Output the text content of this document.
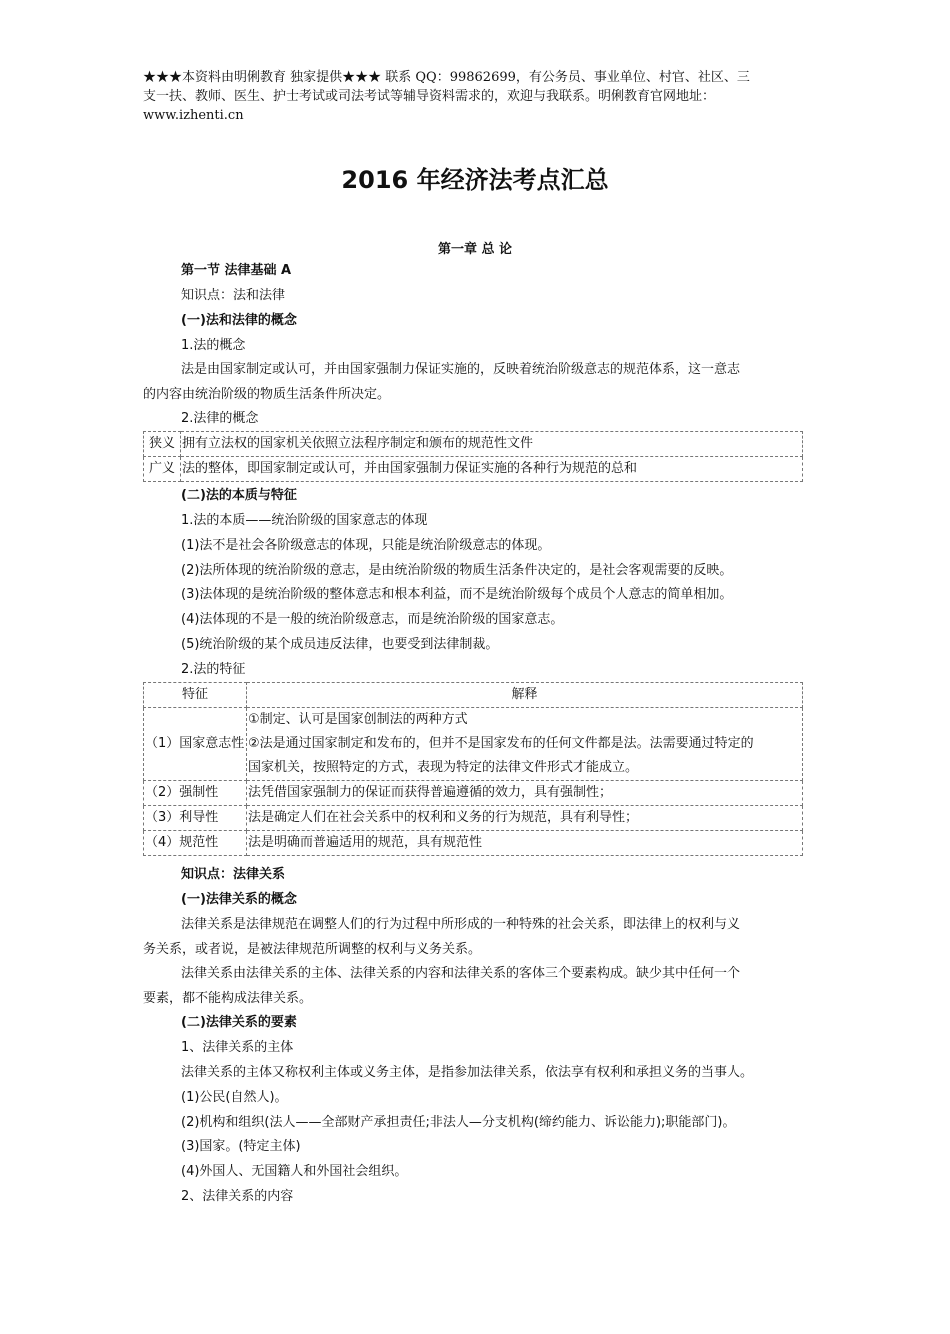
★★★本资料由明俐教育 独家提供★★★ 联系 QQ：99862699，有公务员、事业单位、村官、社区、三
支一扶、教师、医生、护士考试或司法考试等辅导资料需求的，欢迎与我联系。明俐教育官网地址：
www.izhenti.cn
2016 年经济法考点汇总
第一章 总 论
第一节 法律基础 A
知识点：法和法律
(一)法和法律的概念
1.法的概念
法是由国家制定或认可，并由国家强制力保证实施的，反映着统治阶级意志的规范体系，这一意志
的内容由统治阶级的物质生活条件所决定。
2.法律的概念
狭义	拥有立法权的国家机关依照立法程序制定和颁布的规范性文件
广义	法的整体，即国家制定或认可，并由国家强制力保证实施的各种行为规范的总和
(二)法的本质与特征
1.法的本质——统治阶级的国家意志的体现
(1)法不是社会各阶级意志的体现，只能是统治阶级意志的体现。
(2)法所体现的统治阶级的意志，是由统治阶级的物质生活条件决定的，是社会客观需要的反映。
(3)法体现的是统治阶级的整体意志和根本利益，而不是统治阶级每个成员个人意志的简单相加。
(4)法体现的不是一般的统治阶级意志，而是统治阶级的国家意志。
(5)统治阶级的某个成员违反法律，也要受到法律制裁。
2.法的特征
特征	解释
（1）国家意志性	①制定、认可是国家创制法的两种方式
②法是通过国家制定和发布的，但并不是国家发布的任何文件都是法。法需要通过特定的
国家机关，按照特定的方式，表现为特定的法律文件形式才能成立。

（2）强制性	法凭借国家强制力的保证而获得普遍遵循的效力，具有强制性；
（3）利导性	法是确定人们在社会关系中的权利和义务的行为规范，具有利导性；
（4）规范性	法是明确而普遍适用的规范，具有规范性
知识点：法律关系
(一)法律关系的概念
法律关系是法律规范在调整人们的行为过程中所形成的一种特殊的社会关系，即法律上的权利与义
务关系，或者说，是被法律规范所调整的权利与义务关系。
法律关系由法律关系的主体、法律关系的内容和法律关系的客体三个要素构成。缺少其中任何一个
要素，都不能构成法律关系。
(二)法律关系的要素
1、法律关系的主体
法律关系的主体又称权利主体或义务主体，是指参加法律关系，依法享有权利和承担义务的当事人。
(1)公民(自然人)。
(2)机构和组织(法人——全部财产承担责任;非法人—分支机构(缔约能力、诉讼能力);职能部门)。
(3)国家。(特定主体)
(4)外国人、无国籍人和外国社会组织。
2、法律关系的内容
